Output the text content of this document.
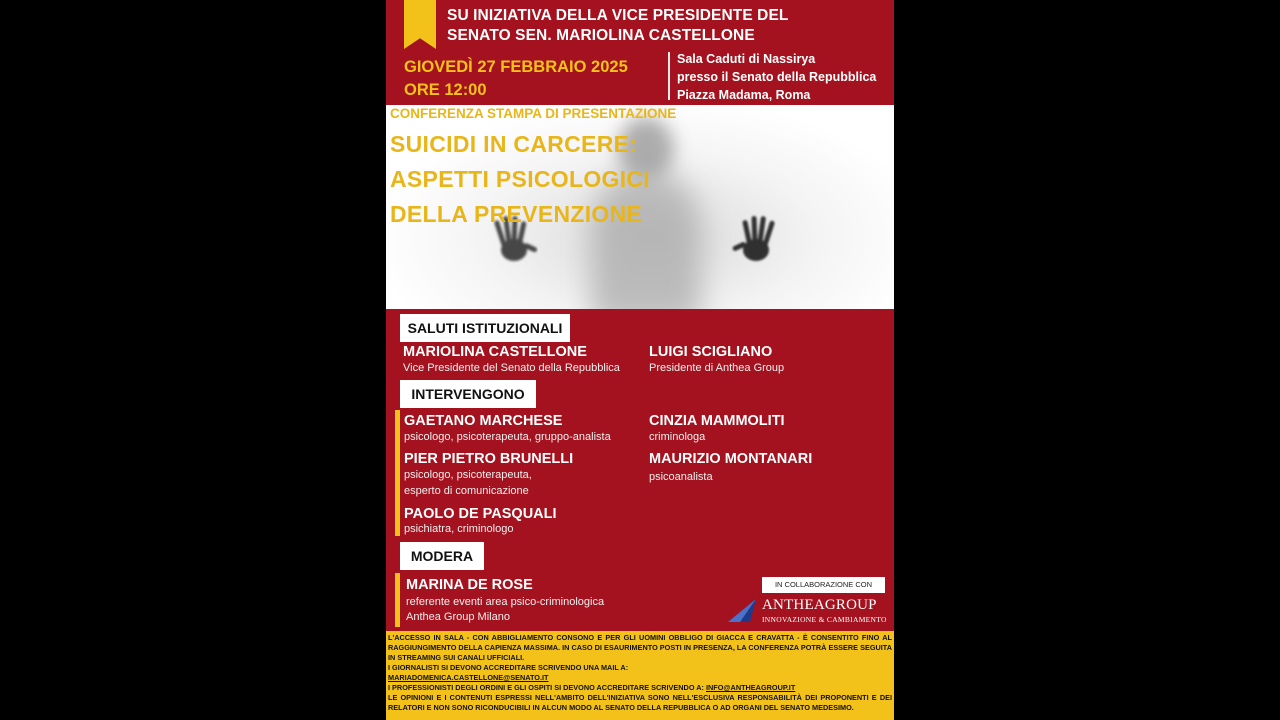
SU INIZIATIVA DELLA VICE PRESIDENTE DEL
SENATO SEN. MARIOLINA CASTELLONE
GIOVEDÌ 27 FEBBRAIO 2025
ORE 12:00
Sala Caduti di Nassirya
presso il Senato della Repubblica
Piazza Madama, Roma
CONFERENZA STAMPA DI PRESENTAZIONE
SUICIDI IN CARCERE:
ASPETTI PSICOLOGICI
DELLA PREVENZIONE
SALUTI ISTITUZIONALI
MARIOLINA CASTELLONE
Vice Presidente del Senato della Repubblica
LUIGI SCIGLIANO
Presidente di Anthea Group
INTERVENGONO
GAETANO MARCHESE
psicologo, psicoterapeuta, gruppo-analista
PIER PIETRO BRUNELLI
psicologo, psicoterapeuta,
esperto di comunicazione
PAOLO DE PASQUALI
psichiatra, criminologo
CINZIA MAMMOLITI
criminologa
MAURIZIO MONTANARI
psicoanalista
MODERA
MARINA DE ROSE
referente eventi area psico-criminologica
Anthea Group Milano
IN COLLABORAZIONE CON
ANTHEAGROUP
INNOVAZIONE & CAMBIAMENTO
L'ACCESSO IN SALA - CON ABBIGLIAMENTO CONSONO E PER GLI UOMINI OBBLIGO DI GIACCA E CRAVATTA - È CONSENTITO FINO AL RAGGIUNGIMENTO DELLA CAPIENZA MASSIMA. IN CASO DI ESAURIMENTO POSTI IN PRESENZA, LA CONFERENZA POTRÀ ESSERE SEGUITA IN STREAMING SUI CANALI UFFICIALI.
I GIORNALISTI SI DEVONO ACCREDITARE SCRIVENDO UNA MAIL A:
MARIADOMENICA.CASTELLONE@SENATO.IT
I PROFESSIONISTI DEGLI ORDINI E GLI OSPITI SI DEVONO ACCREDITARE SCRIVENDO A: INFO@ANTHEAGROUP.IT
LE OPINIONI E I CONTENUTI ESPRESSI NELL'AMBITO DELL'INIZIATIVA SONO NELL'ESCLUSIVA RESPONSABILITÀ DEI PROPONENTI E DEI RELATORI E NON SONO RICONDUCIBILI IN ALCUN MODO AL SENATO DELLA REPUBBLICA O AD ORGANI DEL SENATO MEDESIMO.
